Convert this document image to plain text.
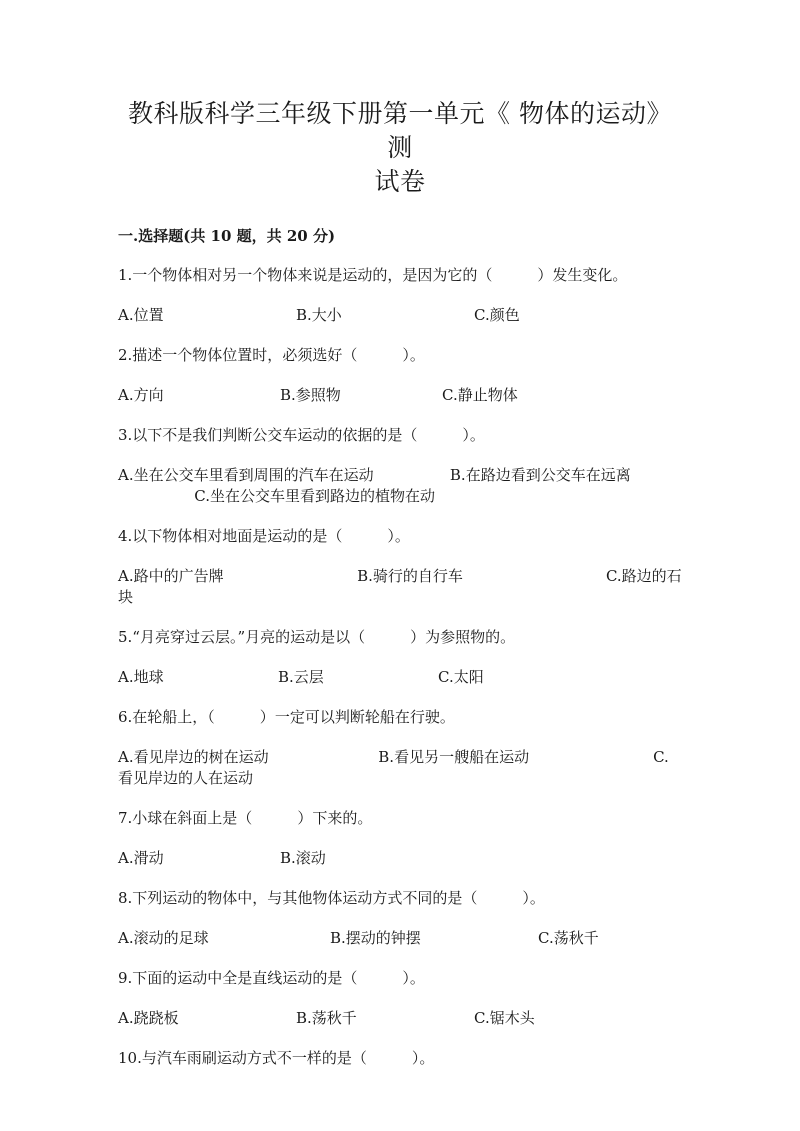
教科版科学三年级下册第一单元《 物体的运动》测
试卷
一.选择题(共 10 题，共 20 分)
1.一个物体相对另一个物体来说是运动的，是因为它的（　　　）发生变化。
A.位置	B.大小	C.颜色
2.描述一个物体位置时，必须选好（　　　）。
A.方向	B.参照物	C.静止物体
3.以下不是我们判断公交车运动的依据的是（　　　）。
A.坐在公交车里看到周围的汽车在运动	B.在路边看到公交车在远离                C.坐在公交车里看到路边的植物在动
4.以下物体相对地面是运动的是（　　　）。
A.路中的广告牌	B.骑行的自行车	C.路边的石块
5.“月亮穿过云层。”月亮的运动是以（　　　）为参照物的。
A.地球	B.云层	C.太阳
6.在轮船上，（　　　）一定可以判断轮船在行驶。
A.看见岸边的树在运动	B.看见另一艘船在运动	C.看见岸边的人在运动
7.小球在斜面上是（　　　）下来的。
A.滑动	B.滚动
8.下列运动的物体中，与其他物体运动方式不同的是（　　　）。
A.滚动的足球	B.摆动的钟摆	C.荡秋千
9.下面的运动中全是直线运动的是（　　　）。
A.跷跷板	B.荡秋千	C.锯木头
10.与汽车雨刷运动方式不一样的是（　　　）。
